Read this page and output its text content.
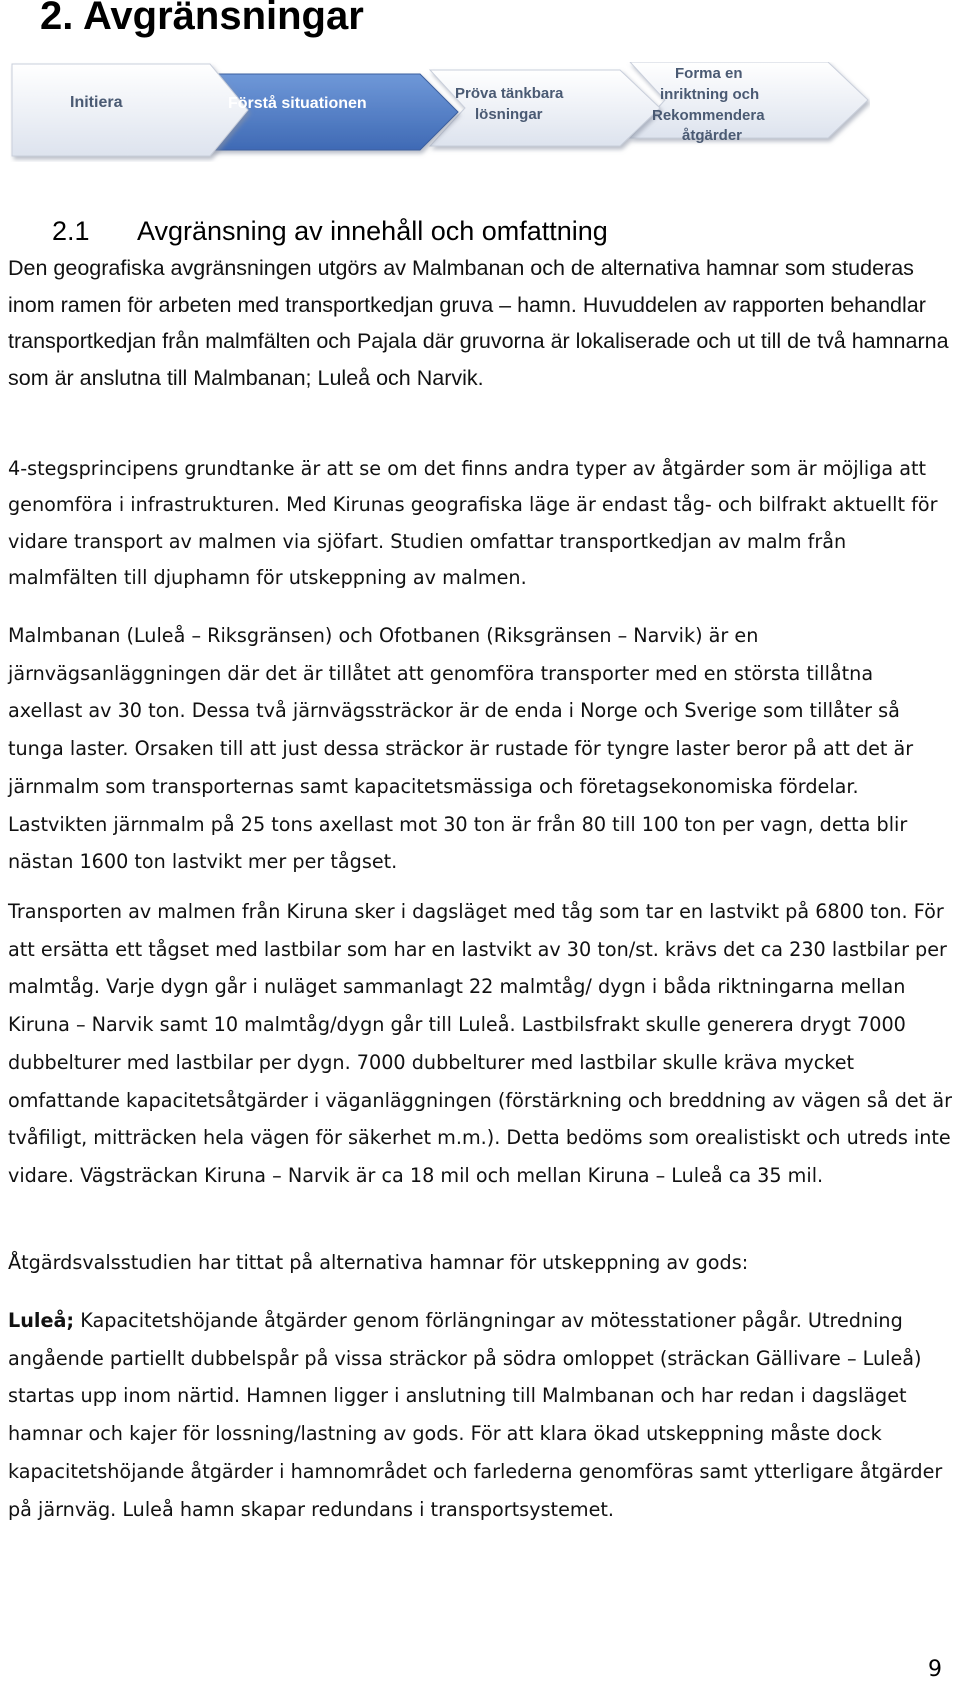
2. Avgränsningar
Initiera	Förstå situationen
Pröva tänkbara
lösningar
Forma en
inriktning och
Rekommendera
åtgärder
2.1 Avgränsning av innehåll och omfattning

Den geografiska avgränsningen utgörs av Malmbanan och de alternativa hamnar som studeras inom ramen för arbeten med transportkedjan gruva – hamn. Huvuddelen av rapporten behandlar transportkedjan från malmfälten och Pajala där gruvorna är lokaliserade och ut till de två hamnarna som är anslutna till Malmbanan; Luleå och Narvik.

4-stegsprincipens grundtanke är att se om det finns andra typer av åtgärder som är möjliga att genomföra i infrastrukturen. Med Kirunas geografiska läge är endast tåg- och bilfrakt aktuellt för vidare transport av malmen via sjöfart. Studien omfattar transportkedjan av malm från malmfälten till djuphamn för utskeppning av malmen.

Malmbanan (Luleå – Riksgränsen) och Ofotbanen (Riksgränsen – Narvik) är en järnvägsanläggningen där det är tillåtet att genomföra transporter med en största tillåtna axellast av 30 ton. Dessa två järnvägssträckor är de enda i Norge och Sverige som tillåter så tunga laster. Orsaken till att just dessa sträckor är rustade för tyngre laster beror på att det är järnmalm som transporternas samt kapacitetsmässiga och företagsekonomiska fördelar. Lastvikten järnmalm på 25 tons axellast mot 30 ton är från 80 till 100 ton per vagn, detta blir nästan 1600 ton lastvikt mer per tågset.

Transporten av malmen från Kiruna sker i dagsläget med tåg som tar en lastvikt på 6800 ton. För att ersätta ett tågset med lastbilar som har en lastvikt av 30 ton/st. krävs det ca 230 lastbilar per malmtåg. Varje dygn går i nuläget sammanlagt 22 malmtåg/ dygn i båda riktningarna mellan Kiruna – Narvik samt 10 malmtåg/dygn går till Luleå. Lastbilsfrakt skulle generera drygt 7000 dubbelturer med lastbilar per dygn. 7000 dubbelturer med lastbilar skulle kräva mycket omfattande kapacitetsåtgärder i väganläggningen (förstärkning och breddning av vägen så det är tvåfiligt, mitträcken hela vägen för säkerhet m.m.). Detta bedöms som orealistiskt och utreds inte vidare. Vägsträckan Kiruna – Narvik är ca 18 mil och mellan Kiruna – Luleå ca 35 mil.

Åtgärdsvalsstudien har tittat på alternativa hamnar för utskeppning av gods:

Luleå; Kapacitetshöjande åtgärder genom förlängningar av mötesstationer pågår. Utredning angående partiellt dubbelspår på vissa sträckor på södra omloppet (sträckan Gällivare – Luleå) startas upp inom närtid. Hamnen ligger i anslutning till Malmbanan och har redan i dagsläget hamnar och kajer för lossning/lastning av gods. För att klara ökad utskeppning måste dock kapacitetshöjande åtgärder i hamnområdet och farlederna genomföras samt ytterligare åtgärder på järnväg. Luleå hamn skapar redundans i transportsystemet.

9
